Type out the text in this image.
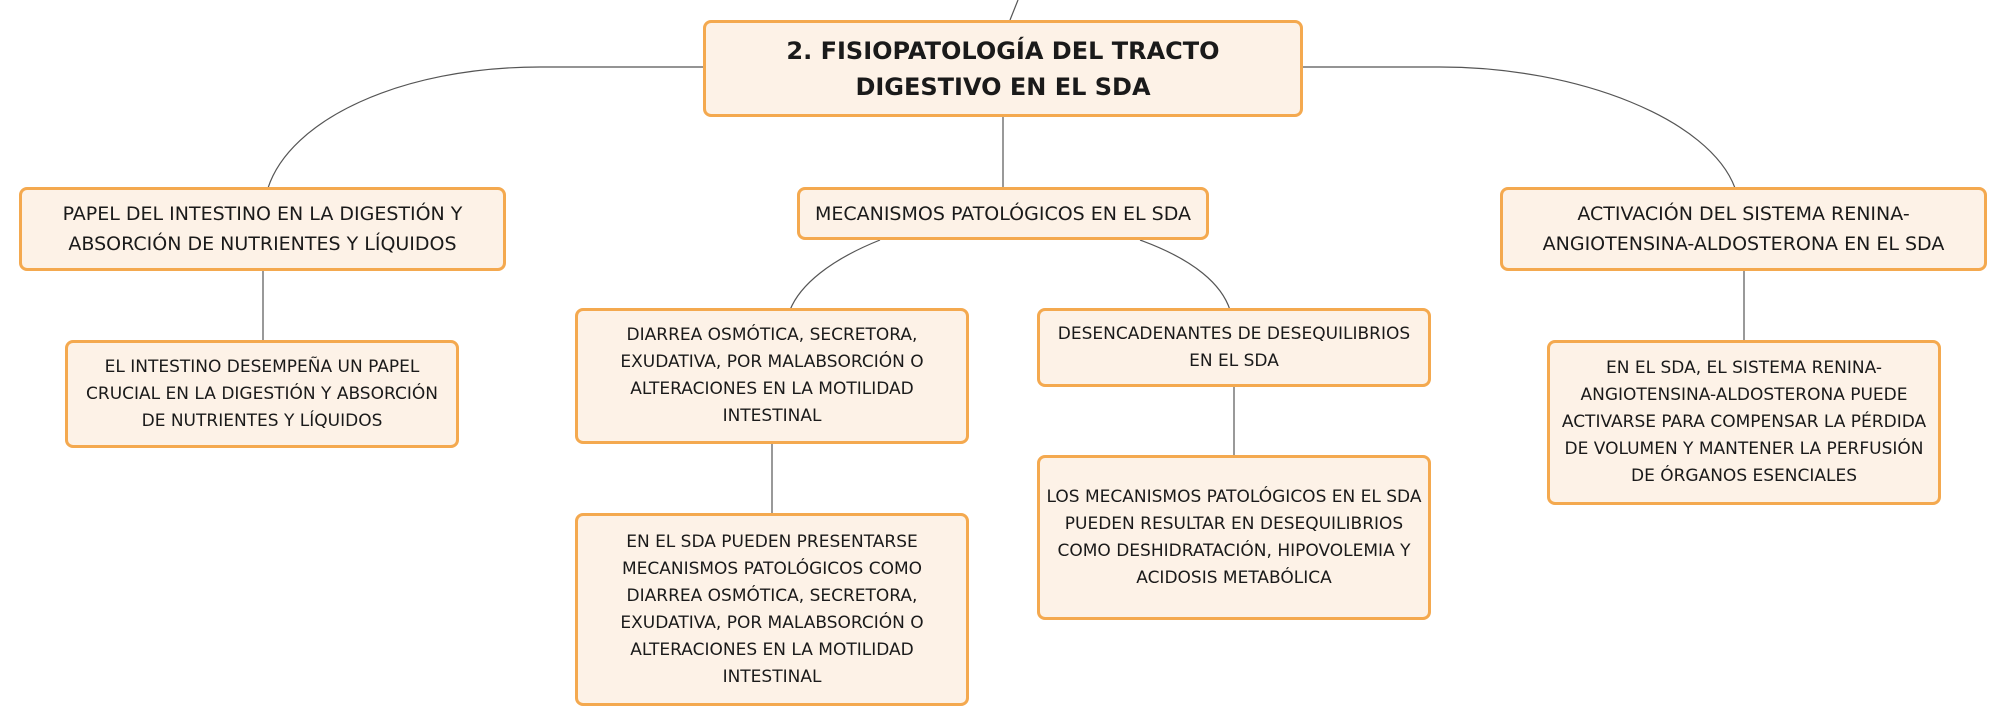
2. FISIOPATOLOGÍA DEL TRACTO DIGESTIVO EN EL SDA
PAPEL DEL INTESTINO EN LA DIGESTIÓN Y ABSORCIÓN DE NUTRIENTES Y LÍQUIDOS
EL INTESTINO DESEMPEÑA UN PAPEL CRUCIAL EN LA DIGESTIÓN Y ABSORCIÓN DE NUTRIENTES Y LÍQUIDOS
MECANISMOS PATOLÓGICOS EN EL SDA
DIARREA OSMÓTICA, SECRETORA, EXUDATIVA, POR MALABSORCIÓN O ALTERACIONES EN LA MOTILIDAD INTESTINAL
EN EL SDA PUEDEN PRESENTARSE MECANISMOS PATOLÓGICOS COMO DIARREA OSMÓTICA, SECRETORA, EXUDATIVA, POR MALABSORCIÓN O ALTERACIONES EN LA MOTILIDAD INTESTINAL
DESENCADENANTES DE DESEQUILIBRIOS EN EL SDA
LOS MECANISMOS PATOLÓGICOS EN EL SDA PUEDEN RESULTAR EN DESEQUILIBRIOS COMO DESHIDRATACIÓN, HIPOVOLEMIA Y ACIDOSIS METABÓLICA
ACTIVACIÓN DEL SISTEMA RENINA-ANGIOTENSINA-ALDOSTERONA EN EL SDA
EN EL SDA, EL SISTEMA RENINA-ANGIOTENSINA-ALDOSTERONA PUEDE ACTIVARSE PARA COMPENSAR LA PÉRDIDA DE VOLUMEN Y MANTENER LA PERFUSIÓN DE ÓRGANOS ESENCIALES
